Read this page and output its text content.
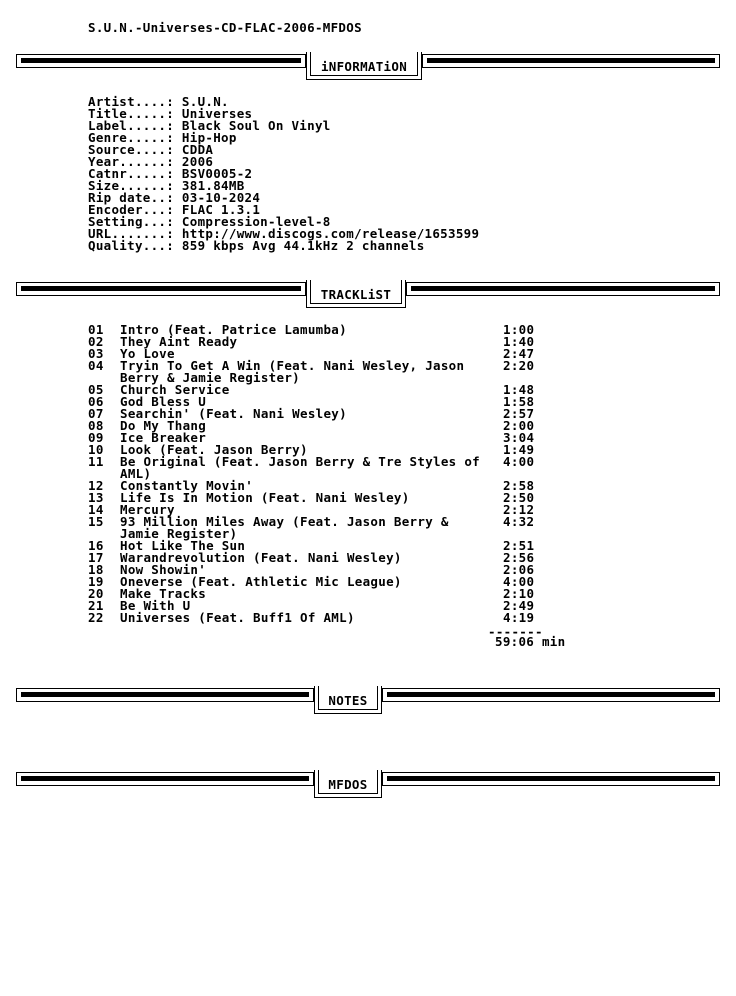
S.U.N.-Universes-CD-FLAC-2006-MFDOS
iNFORMATiON
Artist....: S.U.N.
Title.....: Universes
Label.....: Black Soul On Vinyl
Genre.....: Hip-Hop
Source....: CDDA
Year......: 2006
Catnr.....: BSV0005-2
Size......: 381.84MB
Rip date..: 03-10-2024
Encoder...: FLAC 1.3.1
Setting...: Compression-level-8
URL.......: http://www.discogs.com/release/1653599
Quality...: 859 kbps Avg 44.1kHz 2 channels
TRACKLiST
01	Intro (Feat. Patrice Lamumba)	1:00
02	They Aint Ready	1:40
03	Yo Love	2:47
04	Tryin To Get A Win (Feat. Nani Wesley, Jason	2:20
Berry & Jamie Register)
05	Church Service	1:48
06	God Bless U	1:58
07	Searchin' (Feat. Nani Wesley)	2:57
08	Do My Thang	2:00
09	Ice Breaker	3:04
10	Look (Feat. Jason Berry)	1:49
11	Be Original (Feat. Jason Berry & Tre Styles of 4:00
AML)
12	Constantly Movin'	2:58
13	Life Is In Motion (Feat. Nani Wesley)	2:50
14	Mercury	2:12
15	93 Million Miles Away (Feat. Jason Berry &	4:32
Jamie Register)
16	Hot Like The Sun	2:51
17	Warandrevolution (Feat. Nani Wesley)	2:56
18	Now Showin'	2:06
19	Oneverse (Feat. Athletic Mic League)	4:00
20	Make Tracks	2:10
21	Be With U	2:49
22	Universes (Feat. Buff1 Of AML)	4:19
-------
59:06 min
NOTES
MFDOS
